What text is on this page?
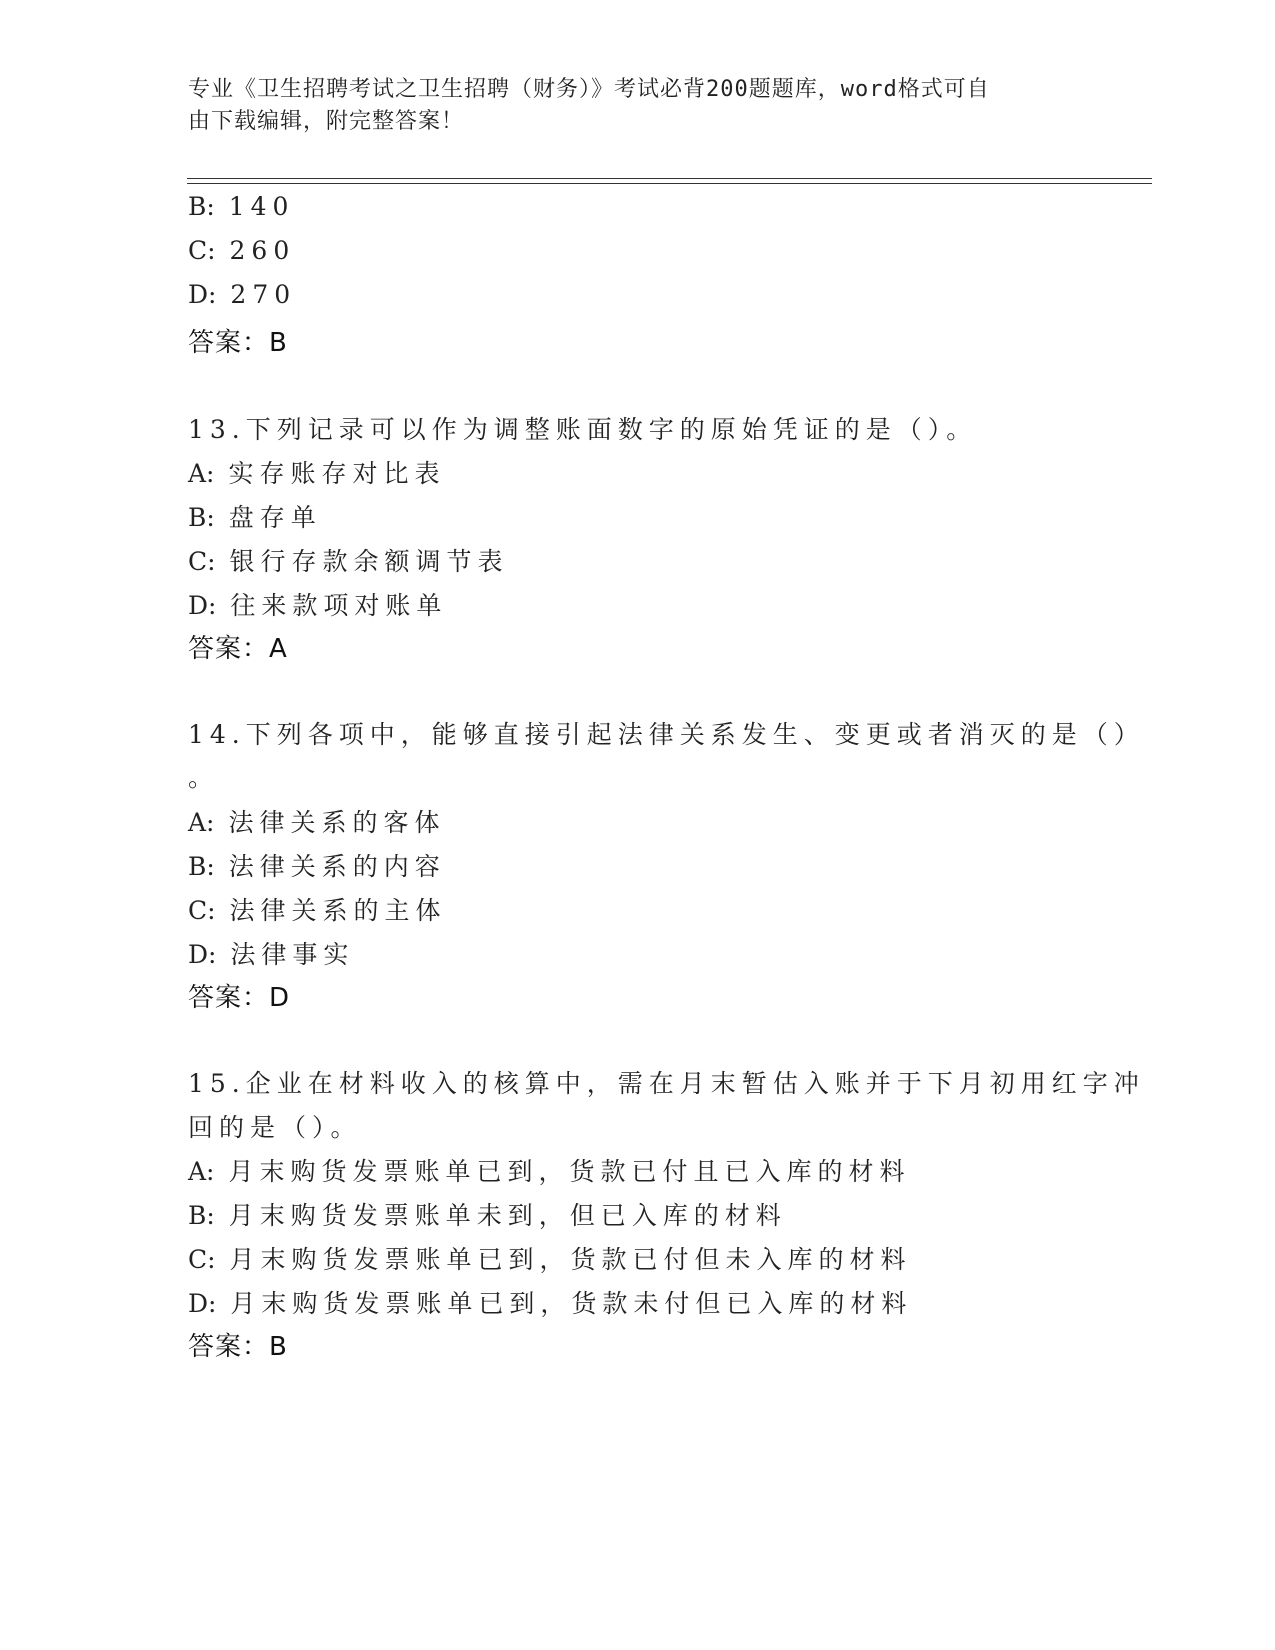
专业《卫生招聘考试之卫生招聘（财务）》考试必背200题题库，word格式可自
由下载编辑，附完整答案！
B: 140
C: 260
D: 270
答案：B
13.下列记录可以作为调整账面数字的原始凭证的是（）。
A: 实存账存对比表
B: 盘存单
C: 银行存款余额调节表
D: 往来款项对账单
答案：A
14.下列各项中，能够直接引起法律关系发生、变更或者消灭的是（）
。
A: 法律关系的客体
B: 法律关系的内容
C: 法律关系的主体
D: 法律事实
答案：D
15.企业在材料收入的核算中，需在月末暂估入账并于下月初用红字冲
回的是（）。
A: 月末购货发票账单已到，货款已付且已入库的材料
B: 月末购货发票账单未到，但已入库的材料
C: 月末购货发票账单已到，货款已付但未入库的材料
D: 月末购货发票账单已到，货款未付但已入库的材料
答案：B
